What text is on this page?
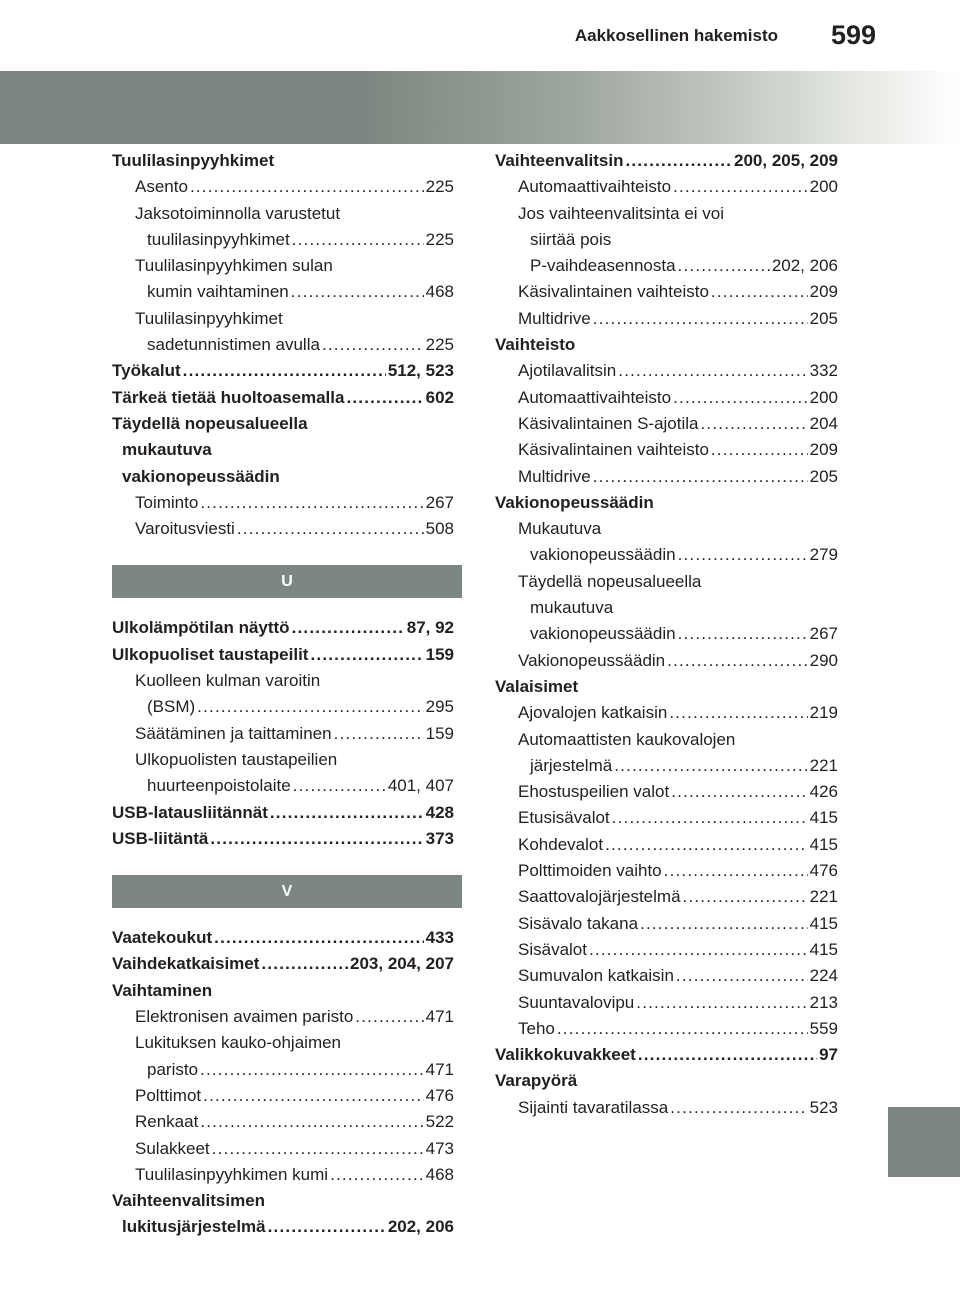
Aakkosellinen hakemisto 599
Tuulilasinpyyhkimet
Asento .....	225
Jaksotoiminnolla varustetut
tuulilasinpyyhkimet .....	225
Tuulilasinpyyhkimen sulan
kumin vaihtaminen .....	468
Tuulilasinpyyhkimet
sadetunnistimen avulla .....	225
Työkalut .....	512, 523
Tärkeä tietää huoltoasemalla .....	602
Täydellä nopeusalueella
mukautuva
vakionopeussäädin
Toiminto .....	267
Varoitusviesti .....	508
U
Ulkolämpötilan näyttö .....	87, 92
Ulkopuoliset taustapeilit .....	159
Kuolleen kulman varoitin
(BSM) .....	295
Säätäminen ja taittaminen .....	159
Ulkopuolisten taustapeilien
huurteenpoistolaite .....	401, 407
USB-latausliitännät .....	428
USB-liitäntä .....	373
V
Vaatekoukut .....	433
Vaihdekatkaisimet .....	203, 204, 207
Vaihtaminen
Elektronisen avaimen paristo .....	471
Lukituksen kauko-ohjaimen
paristo .....	471
Polttimot .....	476
Renkaat .....	522
Sulakkeet .....	473
Tuulilasinpyyhkimen kumi .....	468
Vaihteenvalitsimen
lukitusjärjestelmä .....	202, 206
Vaihteenvalitsin .....	200, 205, 209
Automaattivaihteisto .....	200
Jos vaihteenvalitsinta ei voi
siirtää pois
P-vaihdeasennosta .....	202, 206
Käsivalintainen vaihteisto .....	209
Multidrive .....	205
Vaihteisto
Ajotilavalitsin .....	332
Automaattivaihteisto .....	200
Käsivalintainen S-ajotila .....	204
Käsivalintainen vaihteisto .....	209
Multidrive .....	205
Vakionopeussäädin
Mukautuva
vakionopeussäädin .....	279
Täydellä nopeusalueella
mukautuva
vakionopeussäädin .....	267
Vakionopeussäädin .....	290
Valaisimet
Ajovalojen katkaisin .....	219
Automaattisten kaukovalojen
järjestelmä .....	221
Ehostuspeilien valot .....	426
Etusisävalot .....	415
Kohdevalot .....	415
Polttimoiden vaihto .....	476
Saattovalojärjestelmä .....	221
Sisävalo takana .....	415
Sisävalot .....	415
Sumuvalon katkaisin .....	224
Suuntavalovipu .....	213
Teho .....	559
Valikkokuvakkeet .....	97
Varapyörä
Sijainti tavaratilassa .....	523
